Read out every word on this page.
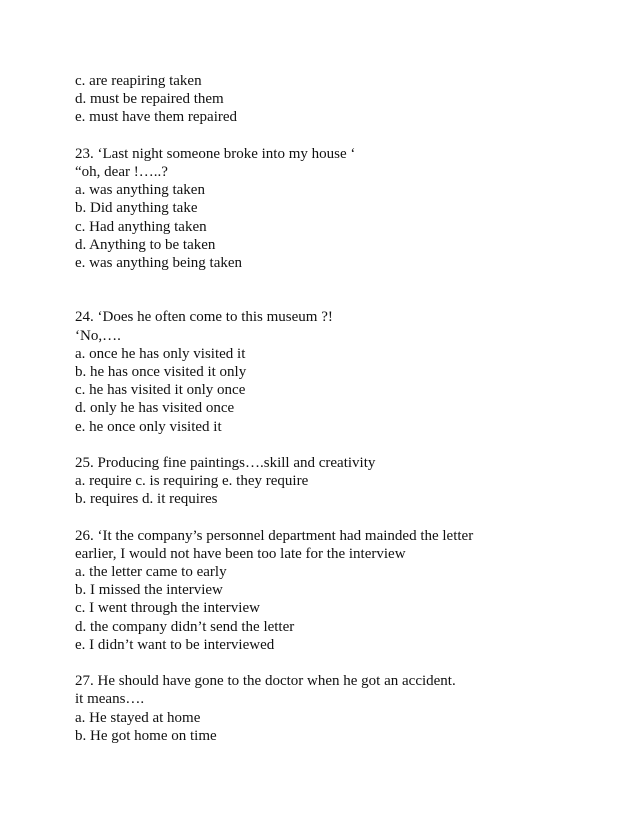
c. are reapiring taken
d. must be repaired them
e. must have them repaired
23. ‘Last night someone broke into my house ‘
“oh, dear !…..?
a. was anything taken
b. Did anything take
c. Had anything taken
d. Anything to be taken
e. was anything being taken
24. ‘Does he often come to this museum ?!
‘No,….
a. once he has only visited it
b. he has once visited it only
c. he has visited it only once
d. only he has visited once
e. he once only visited it
25. Producing fine paintings….skill and creativity
a. require c. is requiring e. they require
b. requires d. it requires
26. ‘It the company’s personnel department had mainded the letter
earlier, I would not have been too late for the interview
a. the letter came to early
b. I missed the interview
c. I went through the interview
d. the company didn’t send the letter
e. I didn’t want to be interviewed
27. He should have gone to the doctor when he got an accident.
it means….
a. He stayed at home
b. He got home on time
